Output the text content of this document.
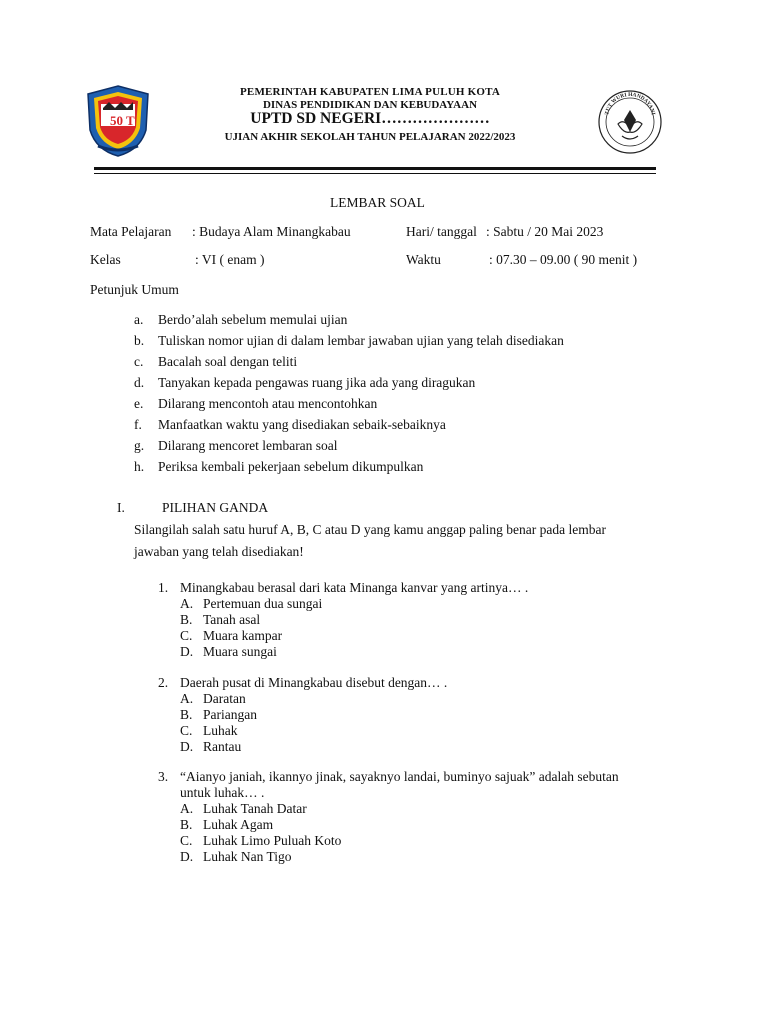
50 T	TUT WURI HANDAYANI
PEMERINTAH KABUPATEN LIMA PULUH KOTA
DINAS PENDIDIKAN DAN KEBUDAYAAN
UPTD SD NEGERI…………………
UJIAN AKHIR SEKOLAH TAHUN PELAJARAN 2022/2023
LEMBAR SOAL
Mata Pelajaran : Budaya Alam Minangkabau	Hari/ tanggal : Sabtu / 20 Mai 2023
Kelas	: VI ( enam )	Waktu	: 07.30 – 09.00 ( 90 menit )
Petunjuk Umum
a. Berdo’alah sebelum memulai ujian
b. Tuliskan nomor ujian di dalam lembar jawaban ujian yang telah disediakan
c. Bacalah soal dengan teliti
d. Tanyakan kepada pengawas ruang jika ada yang diragukan
e. Dilarang mencontoh atau mencontohkan
f. Manfaatkan waktu yang disediakan sebaik-sebaiknya
g. Dilarang mencoret lembaran soal
h. Periksa kembali pekerjaan sebelum dikumpulkan
I.	PILIHAN GANDA
Silangilah salah satu huruf A, B, C atau D yang kamu anggap paling benar pada lembar
jawaban yang telah disediakan!
1. Minangkabau berasal dari kata Minanga kanvar yang artinya… .
A. Pertemuan dua sungai
B. Tanah asal
C. Muara kampar
D. Muara sungai
2. Daerah pusat di Minangkabau disebut dengan… .
A. Daratan
B. Pariangan
C. Luhak
D. Rantau
3. “Aianyo janiah, ikannyo jinak, sayaknyo landai, buminyo sajuak” adalah sebutan
untuk luhak… .
A. Luhak Tanah Datar
B. Luhak Agam
C. Luhak Limo Puluah Koto
D. Luhak Nan Tigo
